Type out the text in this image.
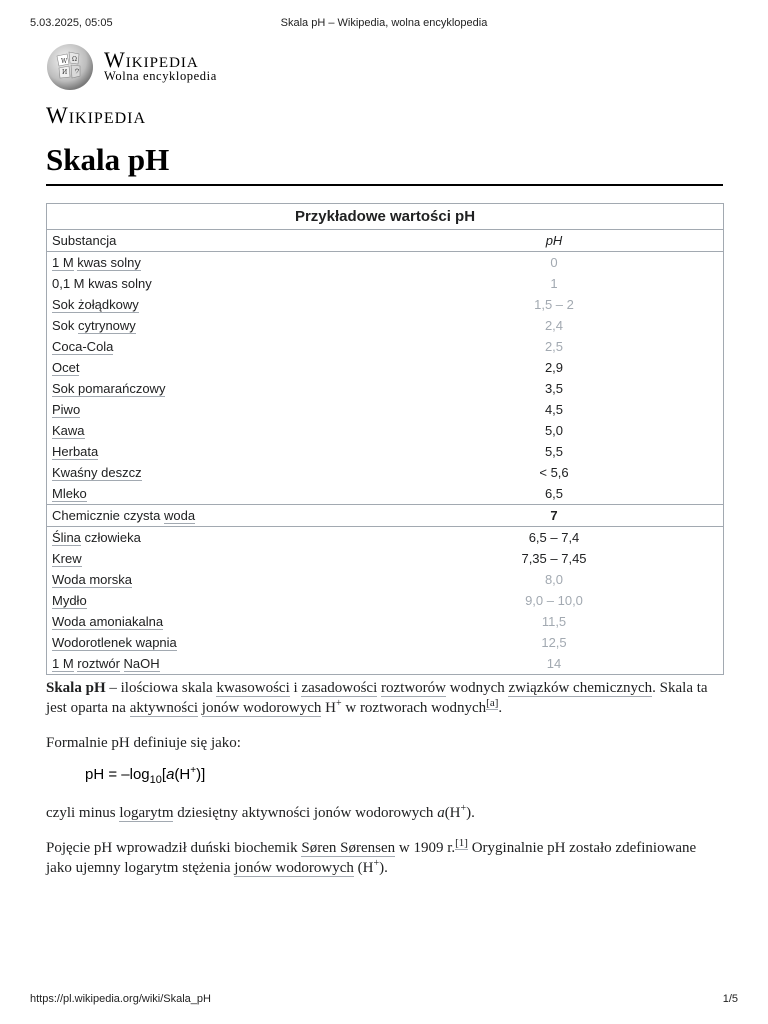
5.03.2025, 05:05	Skala pH – Wikipedia, wolna encyklopedia
W Ω
И ウ Wikipedia
Wolna encyklopedia
Wikipedia
Skala pH
Przykładowe wartości pH	
Substancja	pH
1 M kwas solny	0
0,1 M kwas solny	1
Sok żołądkowy	1,5 – 2
Sok cytrynowy	2,4
Coca-Cola	2,5
Ocet	2,9
Sok pomarańczowy	3,5
Piwo	4,5
Kawa	5,0
Herbata	5,5
Kwaśny deszcz	< 5,6
Mleko	6,5
Chemicznie czysta woda	7
Ślina człowieka	6,5 – 7,4
Krew	7,35 – 7,45
Woda morska	8,0
Mydło	9,0 – 10,0
Woda amoniakalna	11,5
Wodorotlenek wapnia	12,5
1 M roztwór NaOH	14

Skala pH – ilościowa skala kwasowości i zasadowości roztworów wodnych związków chemicznych. Skala ta jest oparta na aktywności jonów wodorowych H+ w roztworach wodnych[a].

Formalnie pH definiuje się jako:

pH = $-\log_{10}[a(H^+)]$

czyli minus logarytm dziesiętny aktywności jonów wodorowych a(H+).

Pojęcie pH wprowadził duński biochemik Søren Sørensen w 1909 r.[1] Oryginalnie pH zostało zdefiniowane jako ujemny logarytm stężenia jonów wodorowych (H+).

https://pl.wikipedia.org/wiki/Skala_pH	1/5
